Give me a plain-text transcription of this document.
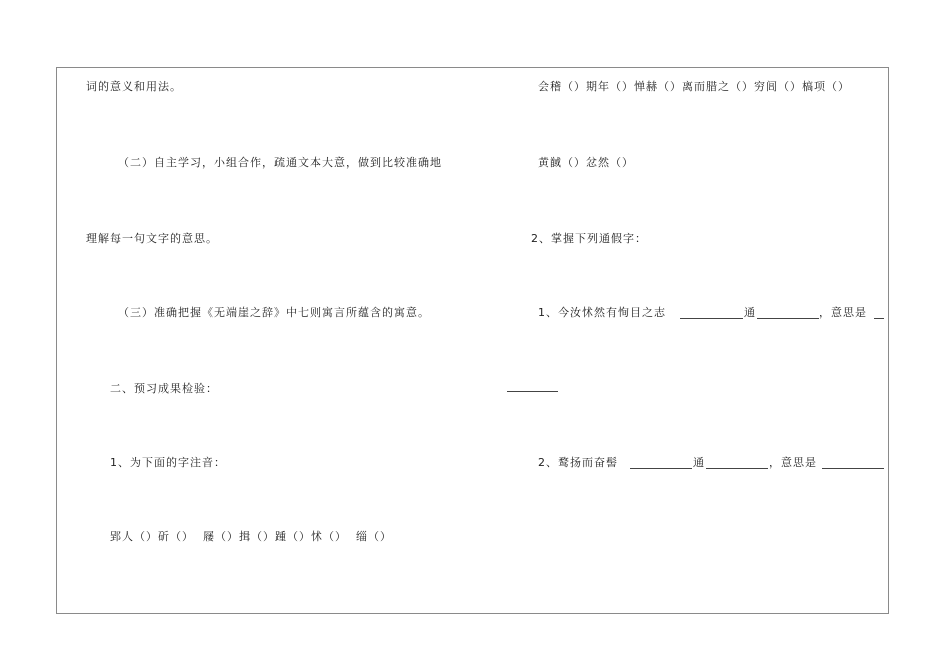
词的意义和用法。
（二）自主学习，小组合作，疏通文本大意，做到比较准确地
理解每一句文字的意思。
（三）准确把握《无端崖之辞》中七则寓言所蕴含的寓意。
二、预习成果检验：
1、为下面的字注音：
郢人（）斫（）  屦（）揖（）踵（）怵（）  缁（）
会稽（）期年（）惮赫（）离而腊之（）穷闾（）槁项（）
黄馘（）忿然（）
2、掌握下列通假字：
1、今汝怵然有恂目之志	通	，意思是
2、鹜扬而奋髻	通	，意思是
